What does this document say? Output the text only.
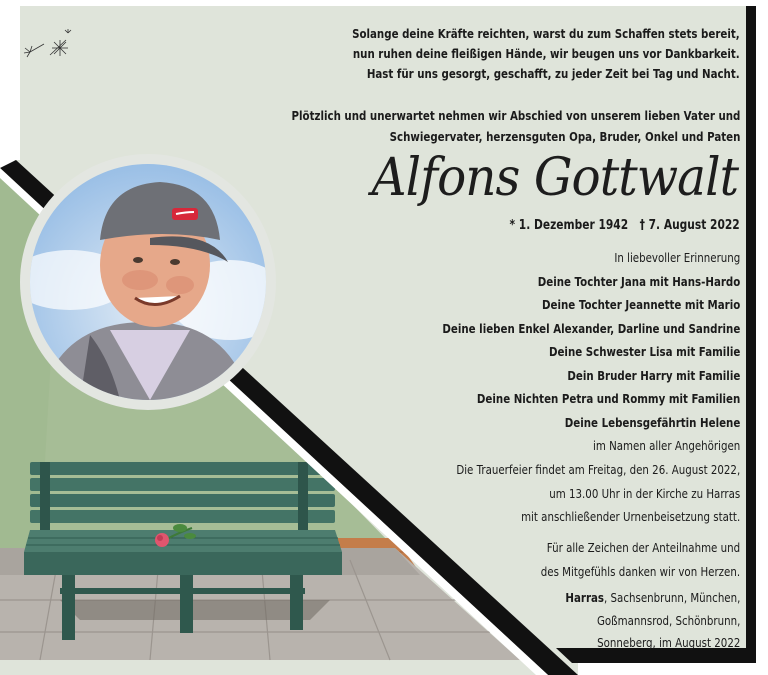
Solange deine Kräfte reichten, warst du zum Schaffen stets bereit,
nun ruhen deine fleißigen Hände, wir beugen uns vor Dankbarkeit.
Hast für uns gesorgt, geschafft, zu jeder Zeit bei Tag und Nacht.
Plötzlich und unerwartet nehmen wir Abschied von unserem lieben Vater und
Schwiegervater, herzensguten Opa, Bruder, Onkel und Paten
Alfons Gottwalt
* 1. Dezember 1942 † 7. August 2022
In liebevoller Erinnerung
Deine Tochter Jana mit Hans-Hardo
Deine Tochter Jeannette mit Mario
Deine lieben Enkel Alexander, Darline und Sandrine
Deine Schwester Lisa mit Familie
Dein Bruder Harry mit Familie
Deine Nichten Petra und Rommy mit Familien
Deine Lebensgefährtin Helene
im Namen aller Angehörigen
Die Trauerfeier findet am Freitag, den 26. August 2022,
um 13.00 Uhr in der Kirche zu Harras
mit anschließender Urnenbeisetzung statt.
Für alle Zeichen der Anteilnahme und
des Mitgefühls danken wir von Herzen.
Harras, Sachsenbrunn, München,
Goßmannsrod, Schönbrunn,
Sonneberg, im August 2022
